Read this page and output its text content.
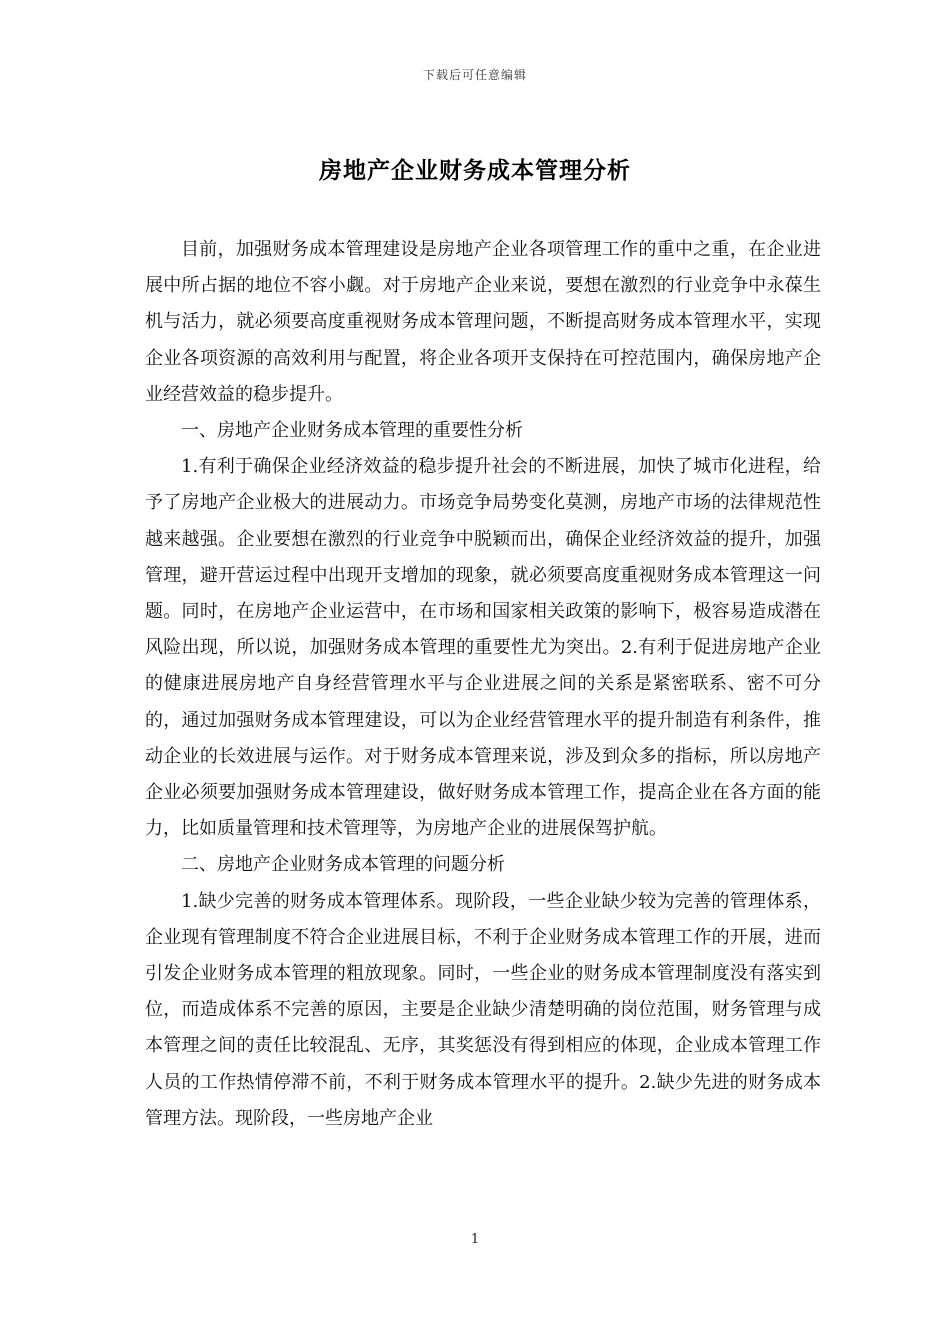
下载后可任意编辑
房地产企业财务成本管理分析

目前，加强财务成本管理建设是房地产企业各项管理工作的重中之重，在企业进展中所占据的地位不容小觑。对于房地产企业来说，要想在激烈的行业竞争中永葆生机与活力，就必须要高度重视财务成本管理问题，不断提高财务成本管理水平，实现企业各项资源的高效利用与配置，将企业各项开支保持在可控范围内，确保房地产企业经营效益的稳步提升。

一、房地产企业财务成本管理的重要性分析

1.有利于确保企业经济效益的稳步提升社会的不断进展，加快了城市化进程，给予了房地产企业极大的进展动力。市场竞争局势变化莫测，房地产市场的法律规范性越来越强。企业要想在激烈的行业竞争中脱颖而出，确保企业经济效益的提升，加强管理，避开营运过程中出现开支增加的现象，就必须要高度重视财务成本管理这一问题。同时，在房地产企业运营中，在市场和国家相关政策的影响下，极容易造成潜在风险出现，所以说，加强财务成本管理的重要性尤为突出。2.有利于促进房地产企业的健康进展房地产自身经营管理水平与企业进展之间的关系是紧密联系、密不可分的，通过加强财务成本管理建设，可以为企业经营管理水平的提升制造有利条件，推动企业的长效进展与运作。对于财务成本管理来说，涉及到众多的指标，所以房地产企业必须要加强财务成本管理建设，做好财务成本管理工作，提高企业在各方面的能力，比如质量管理和技术管理等，为房地产企业的进展保驾护航。

二、房地产企业财务成本管理的问题分析

1.缺少完善的财务成本管理体系。现阶段，一些企业缺少较为完善的管理体系，企业现有管理制度不符合企业进展目标，不利于企业财务成本管理工作的开展，进而引发企业财务成本管理的粗放现象。同时，一些企业的财务成本管理制度没有落实到位，而造成体系不完善的原因，主要是企业缺少清楚明确的岗位范围，财务管理与成本管理之间的责任比较混乱、无序，其奖惩没有得到相应的体现，企业成本管理工作人员的工作热情停滞不前，不利于财务成本管理水平的提升。2.缺少先进的财务成本管理方法。现阶段，一些房地产企业

1
